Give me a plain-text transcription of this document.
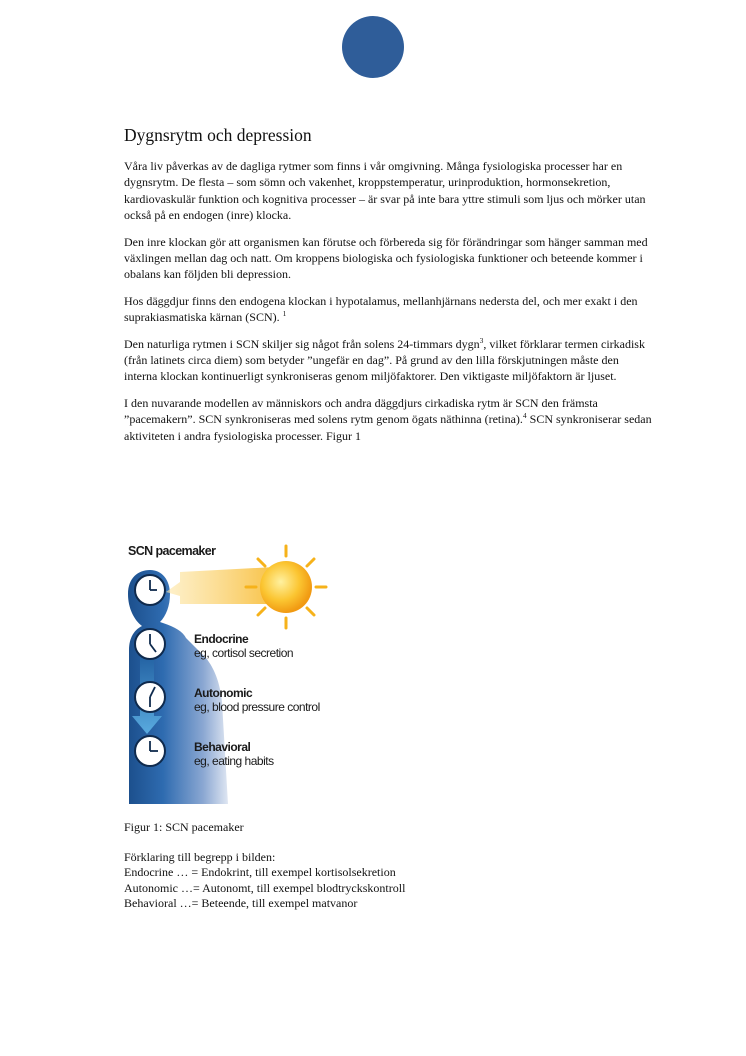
Dygnsrytm och depression

Våra liv påverkas av de dagliga rytmer som finns i vår omgivning. Många fysiologiska processer har en dygnsrytm. De flesta – som sömn och vakenhet, kroppstemperatur, urinproduktion, hormonsekretion, kardiovaskulär funktion och kognitiva processer – är svar på inte bara yttre stimuli som ljus och mörker utan också på en endogen (inre) klocka.

Den inre klockan gör att organismen kan förutse och förbereda sig för förändringar som hänger samman med växlingen mellan dag och natt. Om kroppens biologiska och fysiologiska funktioner och beteende kommer i obalans kan följden bli depression.

Hos däggdjur finns den endogena klockan i hypotalamus, mellanhjärnans nedersta del, och mer exakt i den suprakiasmatiska kärnan (SCN). $^1$

Den naturliga rytmen i SCN skiljer sig något från solens 24-timmars dygn$^3$, vilket förklarar termen cirkadisk (från latinets circa diem) som betyder ”ungefär en dag”. På grund av den lilla förskjutningen måste den interna klockan kontinuerligt synkroniseras genom miljöfaktorer. Den viktigaste miljöfaktorn är ljuset.

I den nuvarande modellen av människors och andra däggdjurs cirkadiska rytm är SCN den främsta ”pacemakern”. SCN synkroniseras med solens rytm genom ögats näthinna (retina).$^4$ SCN synkroniserar sedan aktiviteten i andra fysiologiska processer. Figur 1

SCN pacemaker
Endocrine
eg, cortisol secretion
Autonomic
eg, blood pressure control
Behavioral
eg, eating habits
Figur 1: SCN pacemaker
Förklaring till begrepp i bilden:
Endocrine … = Endokrint, till exempel kortisolsekretion
Autonomic …= Autonomt, till exempel blodtryckskontroll
Behavioral …= Beteende, till exempel matvanor
